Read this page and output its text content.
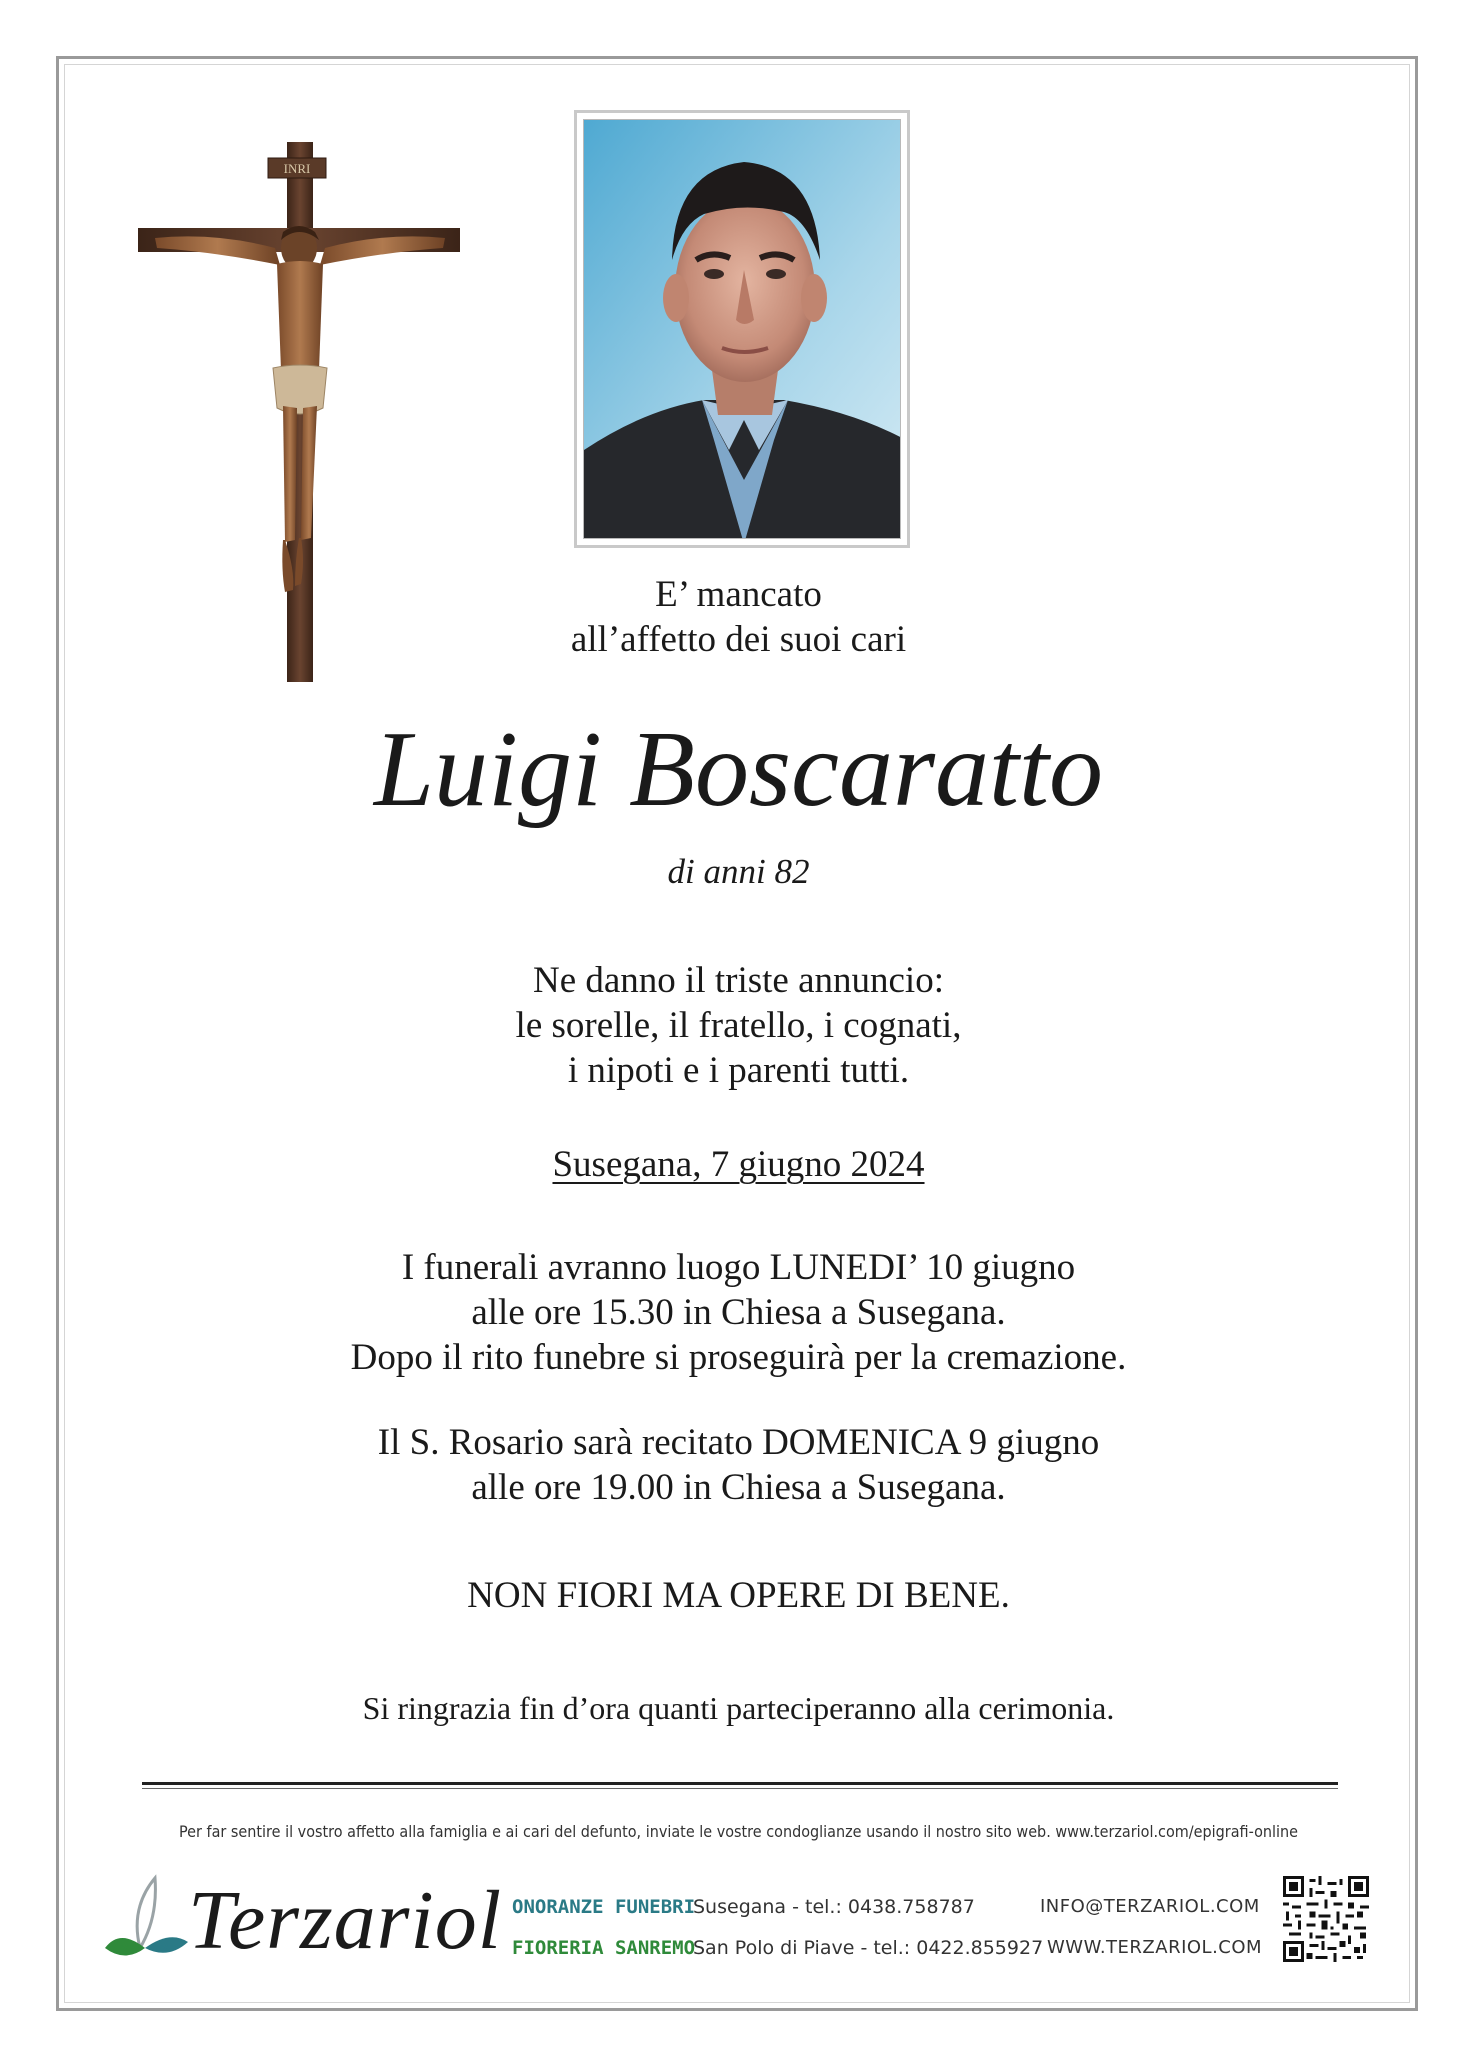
INRI
E’ mancato
all’affetto dei suoi cari
Luigi Boscaratto
di anni 82
Ne danno il triste annuncio:
le sorelle, il fratello, i cognati,
i nipoti e i parenti tutti.
Susegana, 7 giugno 2024
I funerali avranno luogo LUNEDI’ 10 giugno
alle ore 15.30 in Chiesa a Susegana.
Dopo il rito funebre si proseguirà per la cremazione.
Il S. Rosario sarà recitato DOMENICA 9 giugno
alle ore 19.00 in Chiesa a Susegana.
NON FIORI MA OPERE DI BENE.
Si ringrazia fin d’ora quanti parteciperanno alla cerimonia.
Per far sentire il vostro affetto alla famiglia e ai cari del defunto, inviate le vostre condoglianze usando il nostro sito web. www.terzariol.com/epigrafi-online
Terzariol ONORANZE FUNEBRI
FIORERIA SANREMO
Susegana - tel.: 0438.758787
San Polo di Piave - tel.: 0422.855927
INFO@TERZARIOL.COM
WWW.TERZARIOL.COM
